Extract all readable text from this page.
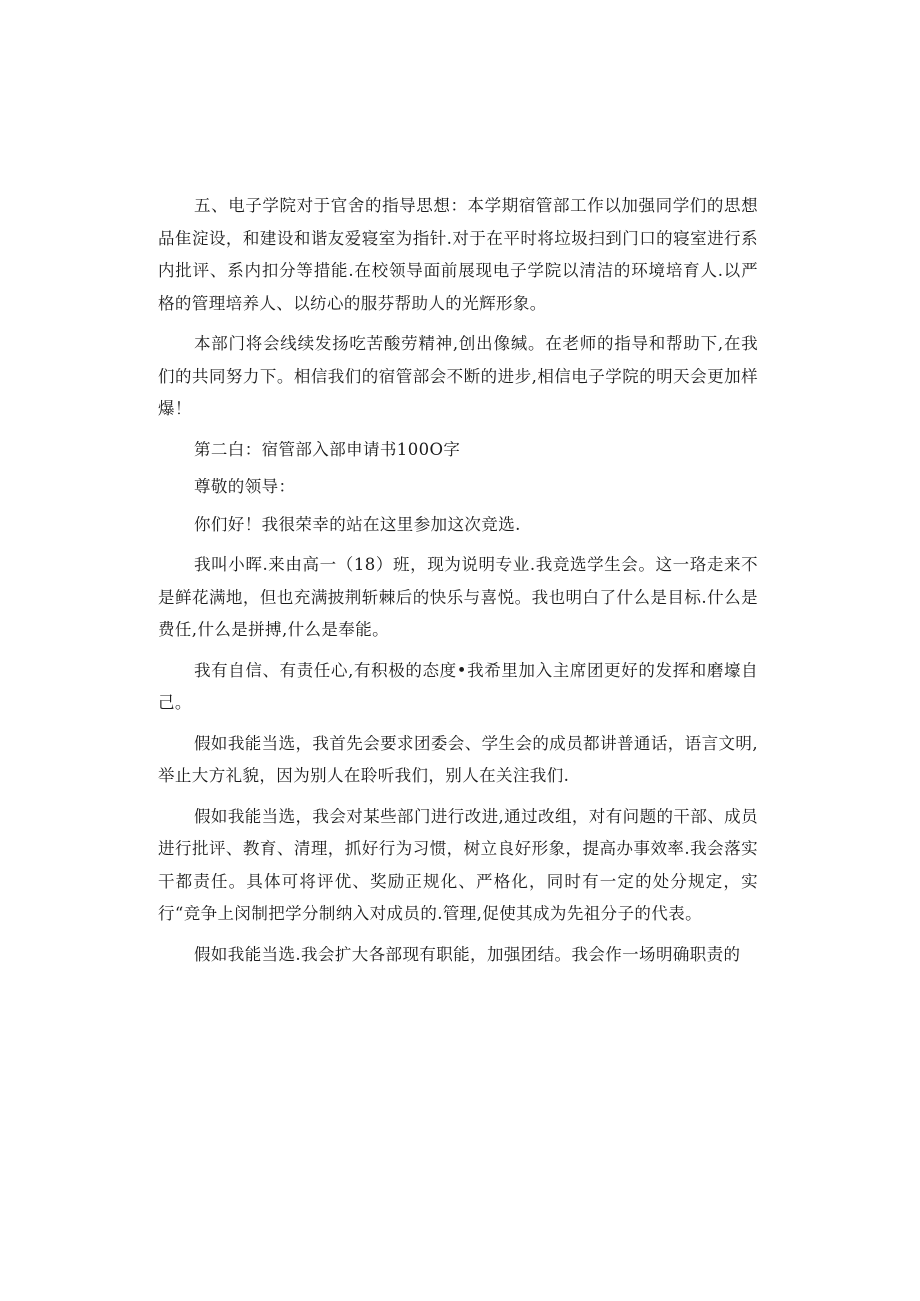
五、电子学院对于官舍的指导思想：本学期宿管部工作以加强同学们的思想品隹淀设，和建设和谐友爱寝室为指针.对于在平时将垃圾扫到门口的寝室进行系内批评、系内扣分等措能.在校领导面前展现电子学院以清洁的环境培育人.以严格的管理培养人、以纺心的服芬帮助人的光辉形象。

本部门将会线续发扬吃苦酸劳精神,创出像缄。在老师的指导和帮助下,在我们的共同努力下。相信我们的宿管部会不断的进步,相信电子学院的明天会更加样爆！

第二白：宿管部入部申请书100O字

尊敬的领导：

你们好！我很荣幸的站在这里参加这次竞选.

我叫小晖.来由高一（18）班，现为说明专业.我竞选学生会。这一珞走来不是鲜花满地，但也充满披荆斩棘后的快乐与喜悦。我也明白了什么是目标.什么是费任,什么是拼搏,什么是奉能。

我有自信、有责任心,有积极的态度•我希里加入主席团更好的发挥和磨壕自己。

假如我能当选，我首先会要求团委会、学生会的成员都讲普通话，语言文明,举止大方礼貌，因为别人在聆听我们，别人在关注我们.

假如我能当选，我会对某些部门进行改进,通过改组，对有问题的干部、成员进行批评、教育、清理，抓好行为习惯，树立良好形象，提高办事效率.我会落实干都责任。具体可将评优、奖励正规化、严格化，同时有一定的处分规定，实行“竞争上闵制把学分制纳入对成员的.管理,促使其成为先祖分子的代表。

假如我能当选.我会扩大各部现有职能，加强团结。我会作一场明确职责的
